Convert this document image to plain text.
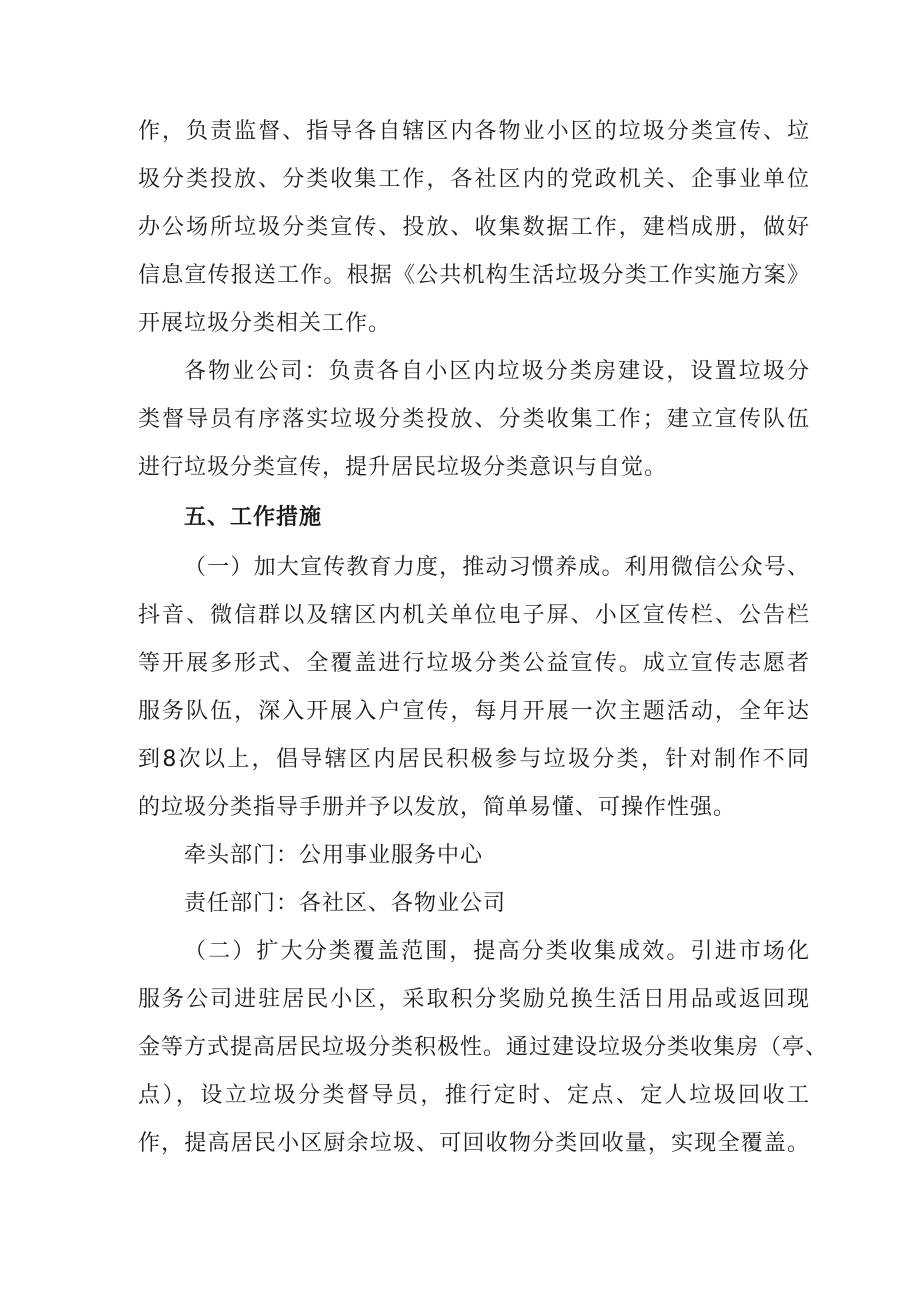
作，负责监督、指导各自辖区内各物业小区的垃圾分类宣传、垃
圾分类投放、分类收集工作，各社区内的党政机关、企事业单位
办公场所垃圾分类宣传、投放、收集数据工作，建档成册，做好
信息宣传报送工作。根据《公共机构生活垃圾分类工作实施方案》
开展垃圾分类相关工作。
各物业公司：负责各自小区内垃圾分类房建设，设置垃圾分
类督导员有序落实垃圾分类投放、分类收集工作；建立宣传队伍
进行垃圾分类宣传，提升居民垃圾分类意识与自觉。
五、工作措施
（一）加大宣传教育力度，推动习惯养成。利用微信公众号、
抖音、微信群以及辖区内机关单位电子屏、小区宣传栏、公告栏
等开展多形式、全覆盖进行垃圾分类公益宣传。成立宣传志愿者
服务队伍，深入开展入户宣传，每月开展一次主题活动，全年达
到8次以上，倡导辖区内居民积极参与垃圾分类，针对制作不同
的垃圾分类指导手册并予以发放，简单易懂、可操作性强。
牵头部门：公用事业服务中心
责任部门：各社区、各物业公司
（二）扩大分类覆盖范围，提高分类收集成效。引进市场化
服务公司进驻居民小区，采取积分奖励兑换生活日用品或返回现
金等方式提高居民垃圾分类积极性。通过建设垃圾分类收集房（亭、
点），设立垃圾分类督导员，推行定时、定点、定人垃圾回收工
作，提高居民小区厨余垃圾、可回收物分类回收量，实现全覆盖。
